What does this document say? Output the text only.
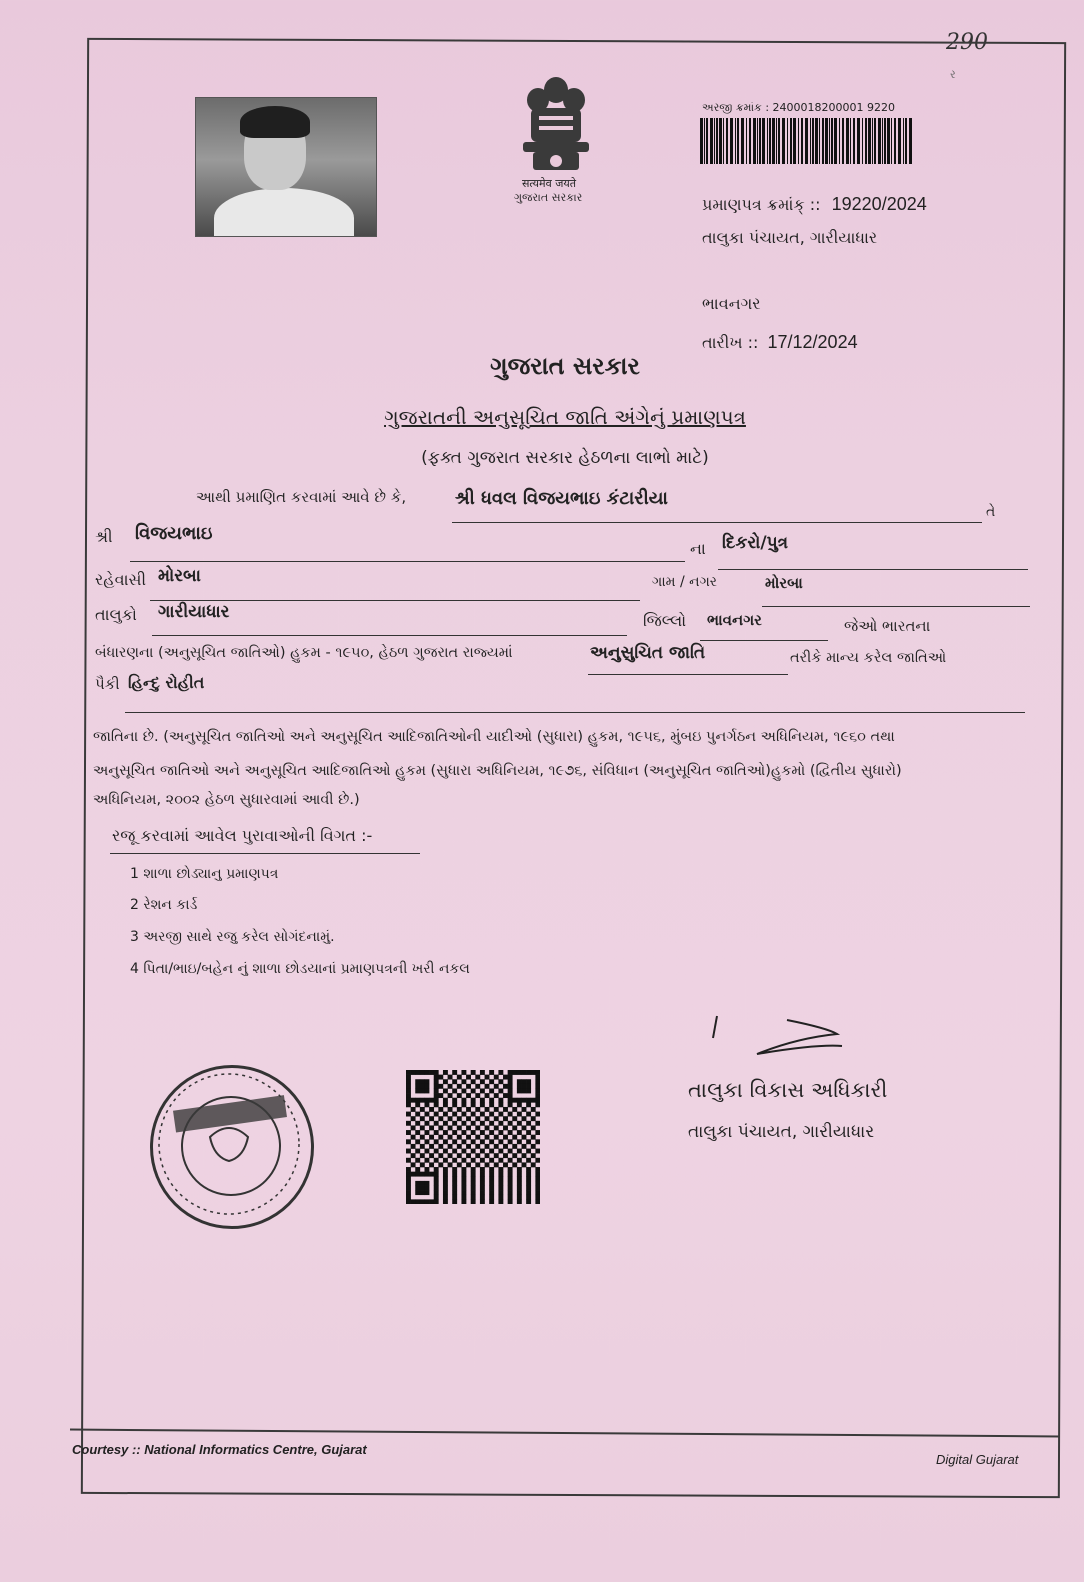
290
ર
सत्यमेव जयते
ગુજરાત સરકાર
અરજી ક્રમાંક : 2400018200001 9220
પ્રમાણપત્ર ક્રમાંક્ :: 19220/2024
તાલુકા પંચાયત, ગારીયાધાર
ભાવનગર
તારીખ :: 17/12/2024
ગુજરાત સરકાર
ગુજરાતની અનુસૂચિત જાતિ અંગેનું પ્રમાણપત્ર
(ફક્ત ગુજરાત સરકાર હેઠળના લાભો માટે)
આથી પ્રમાણિત કરવામાં આવે છે કે,	શ્રી ધવલ વિજયભાઇ કંટારીયા
તે
શ્રી વિજયભાઇ
ના દિકરો/પુત્ર
રહેવાસી મોરબા	ગામ / નગર	મોરબા
તાલુકો ગારીયાધાર	જિલ્લો ભાવનગર	જેઓ ભારતના
બંધારણના (અનુસૂચિત જાતિઓ) હુકમ - ૧૯૫૦, હેઠળ ગુજરાત રાજ્યમાં	અનુસુચિત જાતિ	તરીકે માન્ય કરેલ જાતિઓ
પૈકી હિન્દુ રોહીત
જાતિના છે. (અનુસૂચિત જાતિઓ અને અનુસૂચિત આદિજાતિઓની યાદીઓ (સુધારા) હુકમ, ૧૯૫૬, મુંબઇ પુનર્ગઠન અધિનિયમ, ૧૯૬૦ તથા
અનુસૂચિત જાતિઓ અને અનુસૂચિત આદિજાતિઓ હુકમ (સુધારા અધિનિયમ, ૧૯૭૬, સંવિધાન (અનુસૂચિત જાતિઓ)હુકમો (દ્વિતીય સુધારો)
અધિનિયમ, ૨૦૦૨ હેઠળ સુધારવામાં આવી છે.)
રજૂ કરવામાં આવેલ પુરાવાઓની વિગત :-
1 શાળા છોડ્યાનુ પ્રમાણપત્ર
2 રેશન કાર્ડ
3 અરજી સાથે રજુ કરેલ સોગંદનામું.
4 પિતા/ભાઇ/બહેન નું શાળા છોડયાનાં પ્રમાણપત્રની ખરી નકલ
તાલુકા વિકાસ અધિકારી
તાલુકા પંચાયત, ગારીયાધાર
Courtesy :: National Informatics Centre, Gujarat
Digital Gujarat
